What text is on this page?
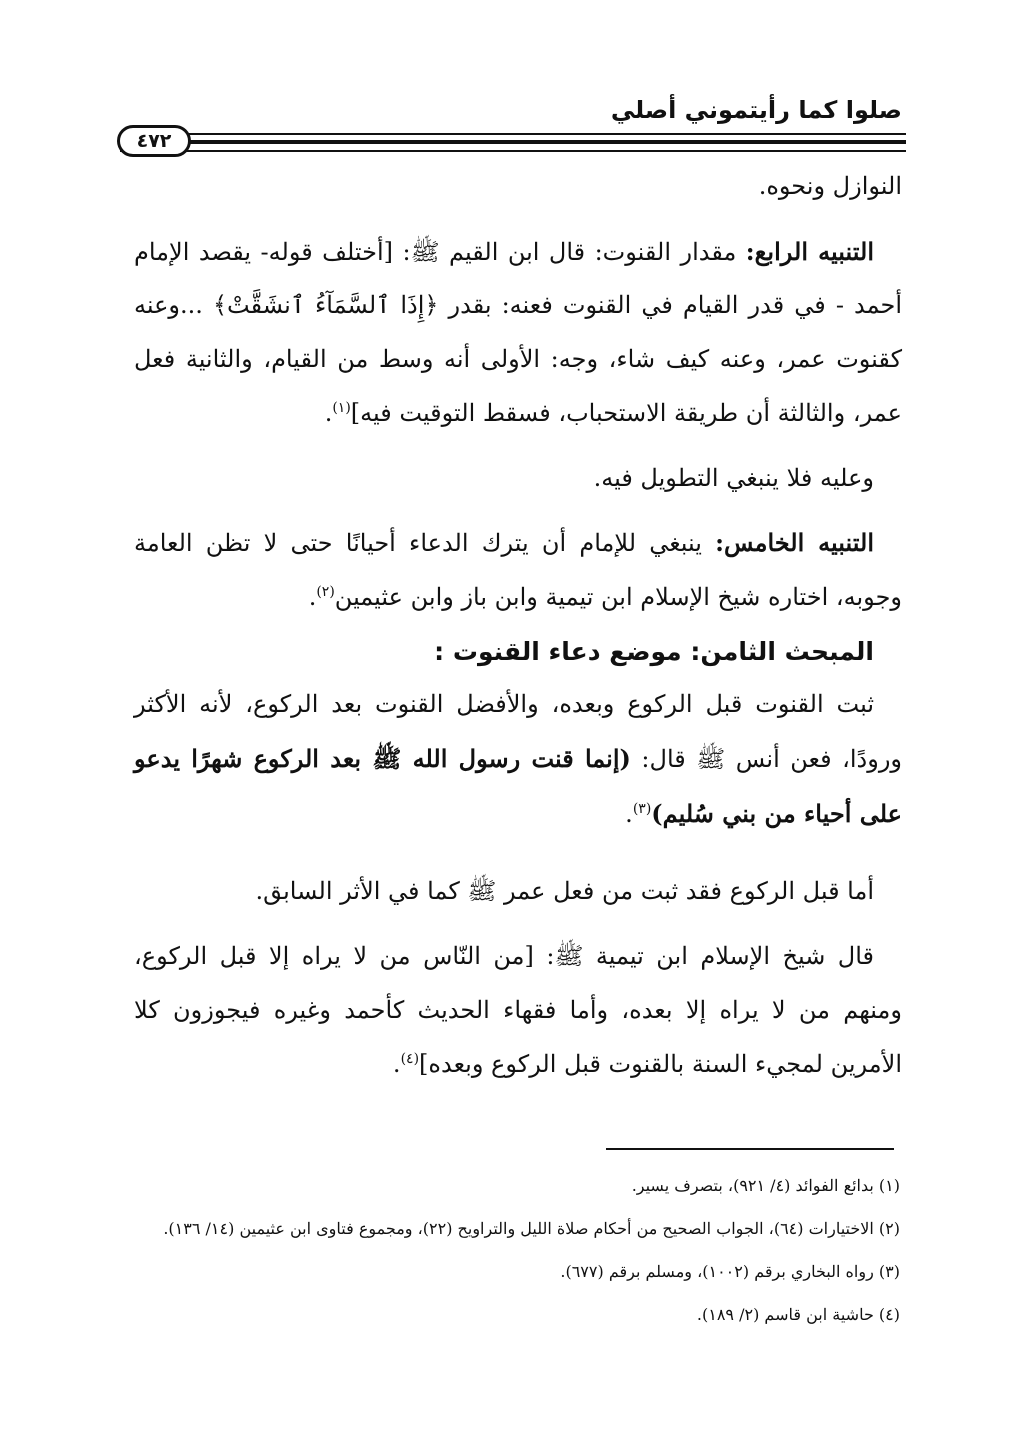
صلوا كما رأيتموني أصلي
٤٧٢

النوازل ونحوه.

التنبيه الرابع: مقدار القنوت: قال ابن القيم ﷺ: [أختلف قوله- يقصد الإمام أحمد - في قدر القيام في القنوت فعنه: بقدر ﴿إِذَا ٱلسَّمَآءُ ٱنشَقَّتْ﴾ ...وعنه كقنوت عمر، وعنه كيف شاء، وجه: الأولى أنه وسط من القيام، والثانية فعل عمر، والثالثة أن طريقة الاستحباب، فسقط التوقيت فيه]$^{(١)}$.

وعليه فلا ينبغي التطويل فيه.

التنبيه الخامس: ينبغي للإمام أن يترك الدعاء أحيانًا حتى لا تظن العامة وجوبه، اختاره شيخ الإسلام ابن تيمية وابن باز وابن عثيمين$^{(٢)}$.

المبحث الثامن: موضع دعاء القنوت :

ثبت القنوت قبل الركوع وبعده، والأفضل القنوت بعد الركوع، لأنه الأكثر ورودًا، فعن أنس ﷺ قال: (إنما قنت رسول الله ﷺ بعد الركوع شهرًا يدعو على أحياء من بني سُليم)$^{(٣)}$.

أما قبل الركوع فقد ثبت من فعل عمر ﷺ كما في الأثر السابق.

قال شيخ الإسلام ابن تيمية ﷺ: [من النّاس من لا يراه إلا قبل الركوع، ومنهم من لا يراه إلا بعده، وأما فقهاء الحديث كأحمد وغيره فيجوزون كلا الأمرين لمجيء السنة بالقنوت قبل الركوع وبعده]$^{(٤)}$.

(١) بدائع الفوائد (٤/ ٩٢١)، بتصرف يسير.
(٢) الاختيارات (٦٤)، الجواب الصحيح من أحكام صلاة الليل والتراويح (٢٢)، ومجموع فتاوى ابن عثيمين (١٤/ ١٣٦).
(٣) رواه البخاري برقم (١٠٠٢)، ومسلم برقم (٦٧٧).
(٤) حاشية ابن قاسم (٢/ ١٨٩).
